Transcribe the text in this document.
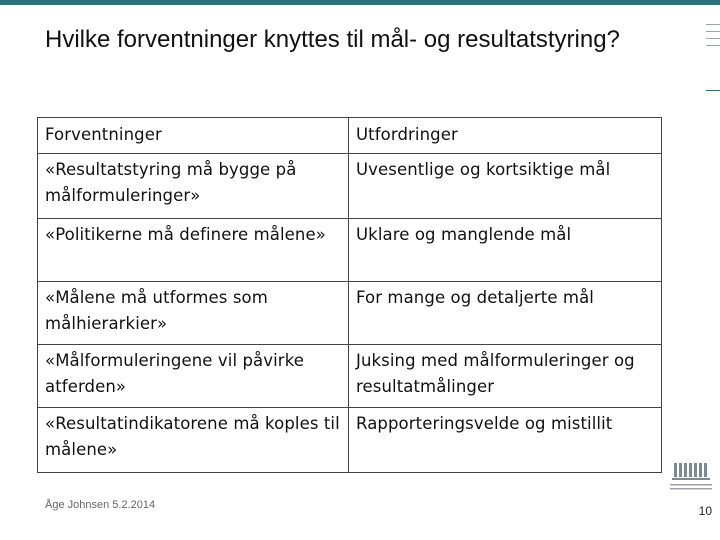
Hvilke forventninger knyttes til mål- og resultatstyring?
Forventninger	Utfordringer
«Resultatstyring må bygge på målformuleringer»	Uvesentlige og kortsiktige mål
«Politikerne må definere målene»	Uklare og manglende mål
«Målene må utformes som målhierarkier»	For mange og detaljerte mål
«Målformuleringene vil påvirke atferden»	Juksing med målformuleringer og resultatmålinger
«Resultatindikatorene må koples til målene»	Rapporteringsvelde og mistillit
Åge Johnsen 5.2.2014	10
